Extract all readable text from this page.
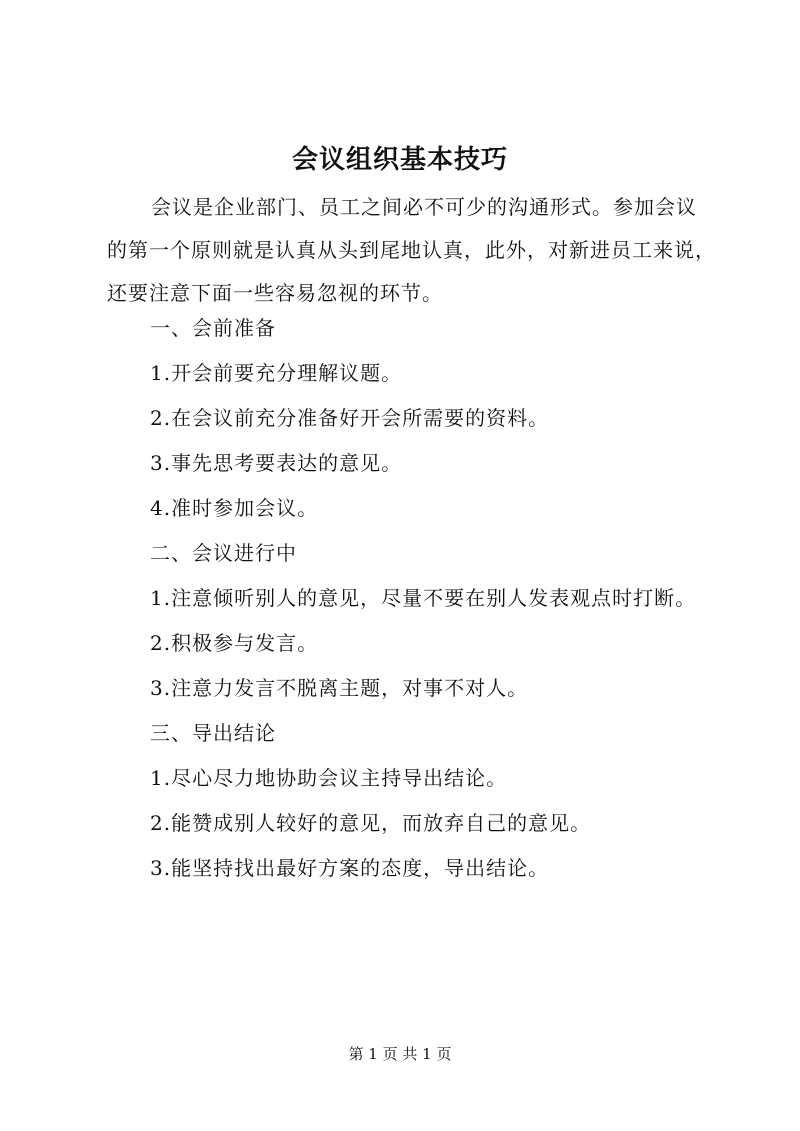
会议组织基本技巧
会议是企业部门、员工之间必不可少的沟通形式。参加会议
的第一个原则就是认真从头到尾地认真，此外，对新进员工来说，
还要注意下面一些容易忽视的环节。
一、会前准备
1.开会前要充分理解议题。
2.在会议前充分准备好开会所需要的资料。
3.事先思考要表达的意见。
4.准时参加会议。
二、会议进行中
1.注意倾听别人的意见，尽量不要在别人发表观点时打断。
2.积极参与发言。
3.注意力发言不脱离主题，对事不对人。
三、导出结论
1.尽心尽力地协助会议主持导出结论。
2.能赞成别人较好的意见，而放弃自己的意见。
3.能坚持找出最好方案的态度，导出结论。
第 1 页 共 1 页
